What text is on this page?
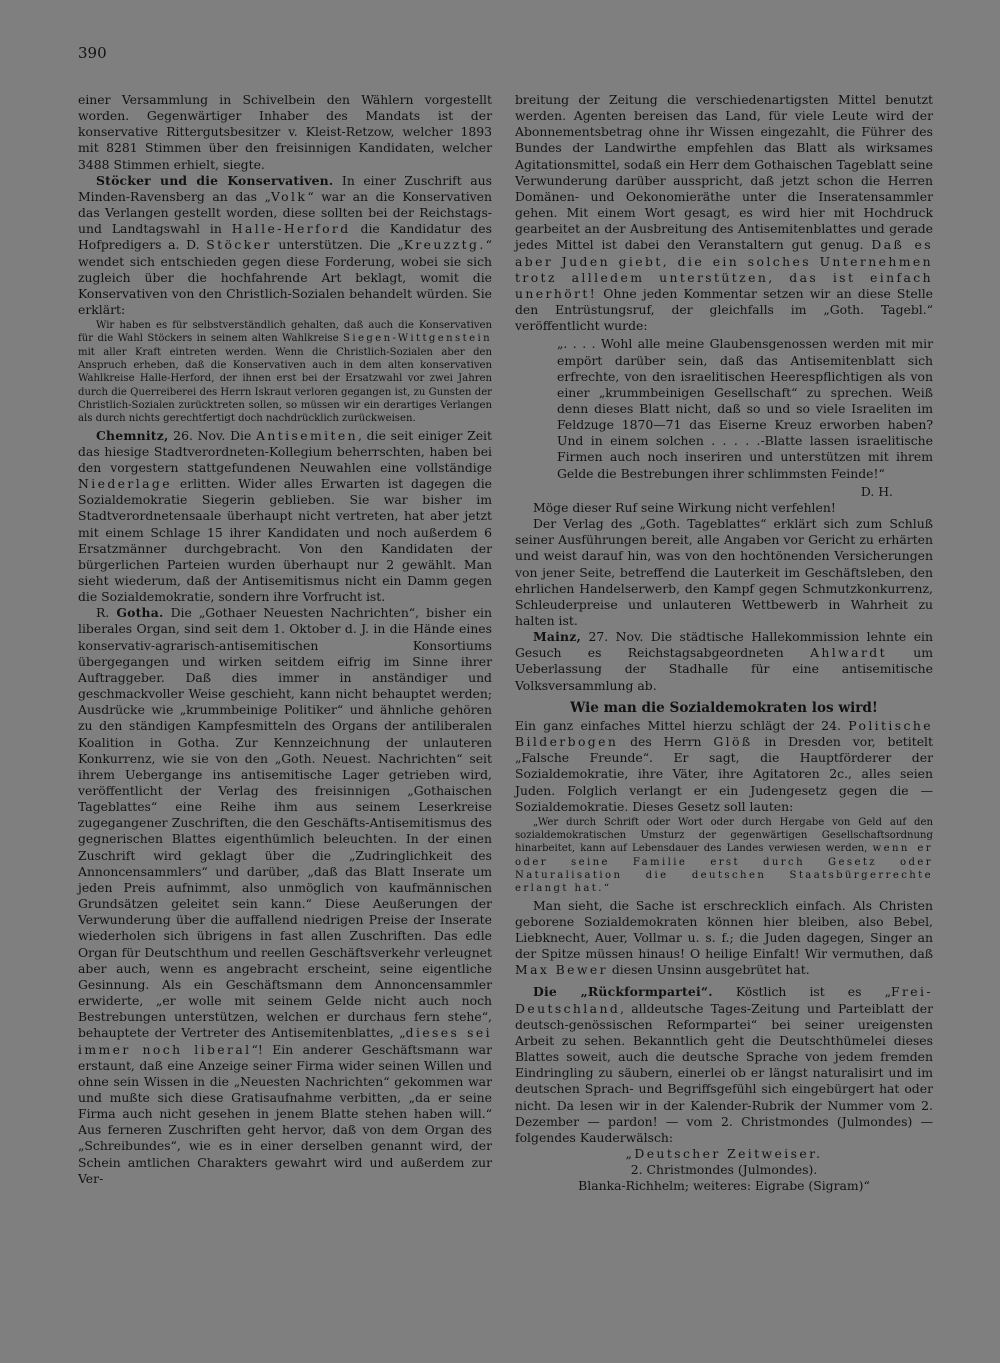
390

einer Versammlung in Schivelbein den Wählern vorgestellt worden. Gegenwärtiger Inhaber des Mandats ist der konservative Rittergutsbesitzer v. Kleist-Retzow, welcher 1893 mit 8281 Stimmen über den freisinnigen Kandidaten, welcher 3488 Stimmen erhielt, siegte.

Stöcker und die Konservativen. In einer Zuschrift aus Minden-Ravensberg an das „Volk“ war an die Konservativen das Verlangen gestellt worden, diese sollten bei der Reichstags- und Landtagswahl in Halle-Herford die Kandidatur des Hofpredigers a. D. Stöcker unterstützen. Die „Kreuzztg.“ wendet sich entschieden gegen diese Forderung, wobei sie sich zugleich über die hochfahrende Art beklagt, womit die Konservativen von den Christlich-Sozialen behandelt würden. Sie erklärt:

Wir haben es für selbstverständlich gehalten, daß auch die Konservativen für die Wahl Stöckers in seinem alten Wahlkreise Siegen-Wittgenstein mit aller Kraft eintreten werden. Wenn die Christlich-Sozialen aber den Anspruch erheben, daß die Konservativen auch in dem alten konservativen Wahlkreise Halle-Herford, der ihnen erst bei der Ersatzwahl vor zwei Jahren durch die Querreiberei des Herrn Iskraut verloren gegangen ist, zu Gunsten der Christlich-Sozialen zurücktreten sollen, so müssen wir ein derartiges Verlangen als durch nichts gerechtfertigt doch nachdrücklich zurückweisen.

Chemnitz, 26. Nov. Die Antisemiten, die seit einiger Zeit das hiesige Stadtverordneten-Kollegium beherrschten, haben bei den vorgestern stattgefundenen Neuwahlen eine vollständige Niederlage erlitten. Wider alles Erwarten ist dagegen die Sozialdemokratie Siegerin geblieben. Sie war bisher im Stadtverordnetensaale überhaupt nicht vertreten, hat aber jetzt mit einem Schlage 15 ihrer Kandidaten und noch außerdem 6 Ersatzmänner durchgebracht. Von den Kandidaten der bürgerlichen Parteien wurden überhaupt nur 2 gewählt. Man sieht wiederum, daß der Antisemitismus nicht ein Damm gegen die Sozialdemokratie, sondern ihre Vorfrucht ist.

R. Gotha. Die „Gothaer Neuesten Nachrichten“, bisher ein liberales Organ, sind seit dem 1. Oktober d. J. in die Hände eines konservativ-agrarisch-antisemitischen Konsortiums übergegangen und wirken seitdem eifrig im Sinne ihrer Auftraggeber. Daß dies immer in anständiger und geschmackvoller Weise geschieht, kann nicht behauptet werden; Ausdrücke wie „krummbeinige Politiker“ und ähnliche gehören zu den ständigen Kampfesmitteln des Organs der antiliberalen Koalition in Gotha. Zur Kennzeichnung der unlauteren Konkurrenz, wie sie von den „Goth. Neuest. Nachrichten“ seit ihrem Uebergange ins antisemitische Lager getrieben wird, veröffentlicht der Verlag des freisinnigen „Gothaischen Tageblattes“ eine Reihe ihm aus seinem Leserkreise zugegangener Zuschriften, die den Geschäfts-Antisemitismus des gegnerischen Blattes eigenthümlich beleuchten. In der einen Zuschrift wird geklagt über die „Zudringlichkeit des Annoncensammlers“ und darüber, „daß das Blatt Inserate um jeden Preis aufnimmt, also unmöglich von kaufmännischen Grundsätzen geleitet sein kann.“ Diese Aeußerungen der Verwunderung über die auffallend niedrigen Preise der Inserate wiederholen sich übrigens in fast allen Zuschriften. Das edle Organ für Deutschthum und reellen Geschäftsverkehr verleugnet aber auch, wenn es angebracht erscheint, seine eigentliche Gesinnung. Als ein Geschäftsmann dem Annoncensammler erwiderte, „er wolle mit seinem Gelde nicht auch noch Bestrebungen unterstützen, welchen er durchaus fern stehe“, behauptete der Vertreter des Antisemitenblattes, „dieses sei immer noch liberal“! Ein anderer Geschäftsmann war erstaunt, daß eine Anzeige seiner Firma wider seinen Willen und ohne sein Wissen in die „Neuesten Nachrichten“ gekommen war und mußte sich diese Gratisaufnahme verbitten, „da er seine Firma auch nicht gesehen in jenem Blatte stehen haben will.“ Aus ferneren Zuschriften geht hervor, daß von dem Organ des „Schreibundes“, wie es in einer derselben genannt wird, der Schein amtlichen Charakters gewahrt wird und außerdem zur Ver-

breitung der Zeitung die verschiedenartigsten Mittel benutzt werden. Agenten bereisen das Land, für viele Leute wird der Abonnementsbetrag ohne ihr Wissen eingezahlt, die Führer des Bundes der Landwirthe empfehlen das Blatt als wirksames Agitationsmittel, sodaß ein Herr dem Gothaischen Tageblatt seine Verwunderung darüber ausspricht, daß jetzt schon die Herren Domänen- und Oekonomieräthe unter die Inseratensammler gehen. Mit einem Wort gesagt, es wird hier mit Hochdruck gearbeitet an der Ausbreitung des Antisemitenblattes und gerade jedes Mittel ist dabei den Veranstaltern gut genug. Daß es aber Juden giebt, die ein solches Unternehmen trotz allledem unterstützen, das ist einfach unerhört! Ohne jeden Kommentar setzen wir an diese Stelle den Entrüstungsruf, der gleichfalls im „Goth. Tagebl.“ veröffentlicht wurde:

„. . . . Wohl alle meine Glaubensgenossen werden mit mir empört darüber sein, daß das Antisemitenblatt sich erfrechte, von den israelitischen Heerespflichtigen als von einer „krummbeinigen Gesellschaft“ zu sprechen. Weiß denn dieses Blatt nicht, daß so und so viele Israeliten im Feldzuge 1870—71 das Eiserne Kreuz erworben haben? Und in einem solchen . . . . .-Blatte lassen israelitische Firmen auch noch inseriren und unterstützen mit ihrem Gelde die Bestrebungen ihrer schlimmsten Feinde!“

D. H.

Möge dieser Ruf seine Wirkung nicht verfehlen!

Der Verlag des „Goth. Tageblattes“ erklärt sich zum Schluß seiner Ausführungen bereit, alle Angaben vor Gericht zu erhärten und weist darauf hin, was von den hochtönenden Versicherungen von jener Seite, betreffend die Lauterkeit im Geschäftsleben, den ehrlichen Handelserwerb, den Kampf gegen Schmutzkonkurrenz, Schleuderpreise und unlauteren Wettbewerb in Wahrheit zu halten ist.

Mainz, 27. Nov. Die städtische Hallekommission lehnte ein Gesuch es Reichstagsabgeordneten Ahlwardt um Ueberlassung der Stadhalle für eine antisemitische Volksversammlung ab.

Wie man die Sozialdemokraten los wird!

Ein ganz einfaches Mittel hierzu schlägt der 24. Politische Bilderbogen des Herrn Glöß in Dresden vor, betitelt „Falsche Freunde“. Er sagt, die Hauptförderer der Sozialdemokratie, ihre Väter, ihre Agitatoren 2c., alles seien Juden. Folglich verlangt er ein Judengesetz gegen die — Sozialdemokratie. Dieses Gesetz soll lauten:

„Wer durch Schrift oder Wort oder durch Hergabe von Geld auf den sozialdemokratischen Umsturz der gegenwärtigen Gesellschaftsordnung hinarbeitet, kann auf Lebensdauer des Landes verwiesen werden, wenn er oder seine Familie erst durch Gesetz oder Naturalisation die deutschen Staatsbürgerrechte erlangt hat.“

Man sieht, die Sache ist erschrecklich einfach. Als Christen geborene Sozialdemokraten können hier bleiben, also Bebel, Liebknecht, Auer, Vollmar u. s. f.; die Juden dagegen, Singer an der Spitze müssen hinaus! O heilige Einfalt! Wir vermuthen, daß Max Bewer diesen Unsinn ausgebrütet hat.

Die „Rückformpartei“. Köstlich ist es „Frei-Deutschland, alldeutsche Tages-Zeitung und Parteiblatt der deutsch-genössischen Reformpartei“ bei seiner ureigensten Arbeit zu sehen. Bekanntlich geht die Deutschthümelei dieses Blattes soweit, auch die deutsche Sprache von jedem fremden Eindringling zu säubern, einerlei ob er längst naturalisirt und im deutschen Sprach- und Begriffsgefühl sich eingebürgert hat oder nicht. Da lesen wir in der Kalender-Rubrik der Nummer vom 2. Dezember — pardon! — vom 2. Christmondes (Julmondes) — folgendes Kauderwälsch:

„Deutscher Zeitweiser.

2. Christmondes (Julmondes).

Blanka-Richhelm; weiteres: Eigrabe (Sigram)“
